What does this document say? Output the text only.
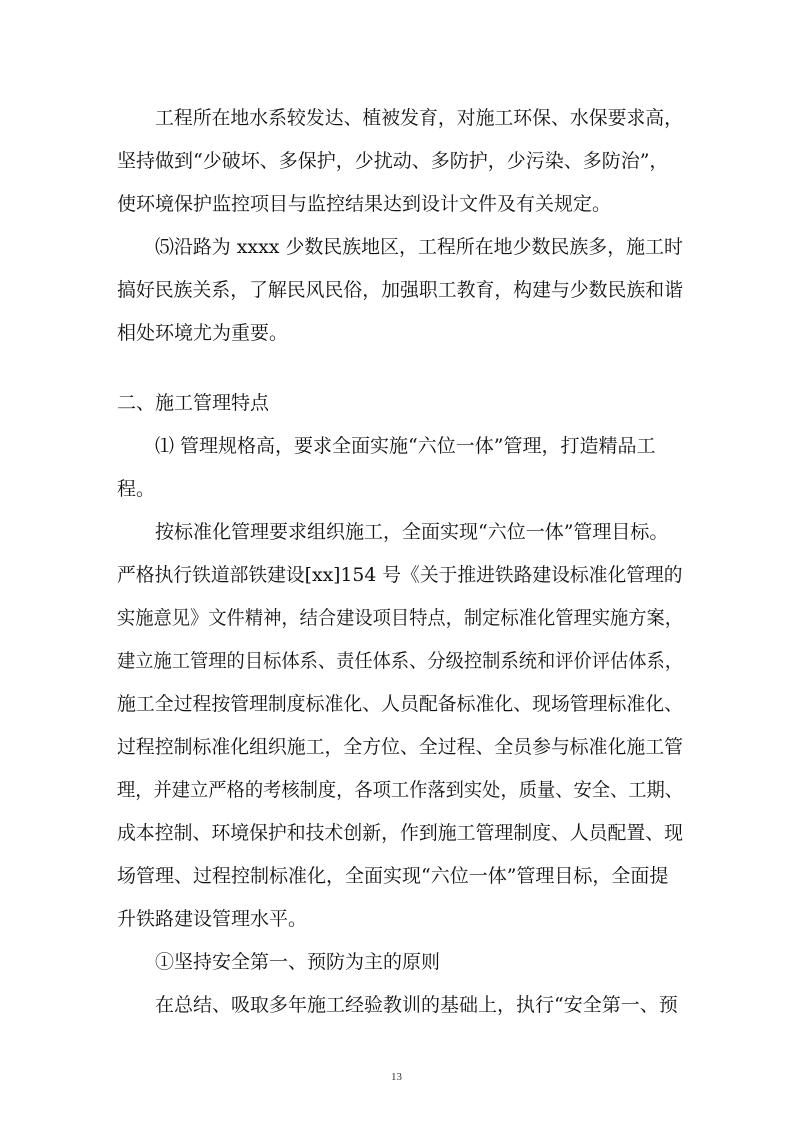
工程所在地水系较发达、植被发育，对施工环保、水保要求高，
坚持做到“少破坏、多保护，少扰动、多防护，少污染、多防治”，
使环境保护监控项目与监控结果达到设计文件及有关规定。
⑸沿路为 xxxx 少数民族地区，工程所在地少数民族多，施工时
搞好民族关系，了解民风民俗，加强职工教育，构建与少数民族和谐
相处环境尤为重要。
二、施工管理特点
⑴ 管理规格高，要求全面实施“六位一体”管理，打造精品工
程。
按标准化管理要求组织施工，全面实现“六位一体”管理目标。
严格执行铁道部铁建设[xx]154 号《关于推进铁路建设标准化管理的
实施意见》文件精神，结合建设项目特点，制定标准化管理实施方案，
建立施工管理的目标体系、责任体系、分级控制系统和评价评估体系，
施工全过程按管理制度标准化、人员配备标准化、现场管理标准化、
过程控制标准化组织施工，全方位、全过程、全员参与标准化施工管
理，并建立严格的考核制度，各项工作落到实处，质量、安全、工期、
成本控制、环境保护和技术创新，作到施工管理制度、人员配置、现
场管理、过程控制标准化，全面实现“六位一体”管理目标，全面提
升铁路建设管理水平。
①坚持安全第一、预防为主的原则
在总结、吸取多年施工经验教训的基础上，执行“安全第一、预
13
